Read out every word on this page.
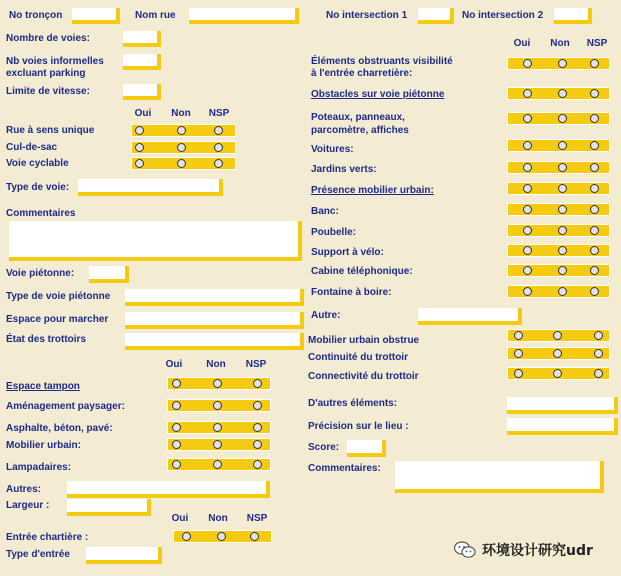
No tronçon	Nom rue	No intersection 1	No intersection 2
Nombre de voies:
Nb voies informelles
excluant parking
Limite de vitesse:
Oui	Non	NSP
Rue à sens unique
Cul-de-sac
Voie cyclable
Type de voie:
Commentaires
Voie piétonne:
Type de voie piétonne
Espace pour marcher
État des trottoirs
Oui	Non	NSP
Espace tampon
Aménagement paysager:
Asphalte, béton, pavé:
Mobilier urbain:
Lampadaires:
Autres:
Largeur :
Oui	Non	NSP
Entrée chartière :
Type d'entrée
Oui	Non	NSP
Éléments obstruants visibilité
à l'entrée charretière:
Obstacles sur voie piétonne
Poteaux, panneaux,
parcomètre, affiches
Voitures:
Jardins verts:
Présence mobilier urbain:
Banc:
Poubelle:
Support à vélo:
Cabine téléphonique:
Fontaine à boire:
Autre:
Mobilier urbain obstrue
Continuité du trottoir
Connectivité du trottoir
D'autres éléments:
Précision sur le lieu :
Score:
Commentaires:
环境设计研究udr
